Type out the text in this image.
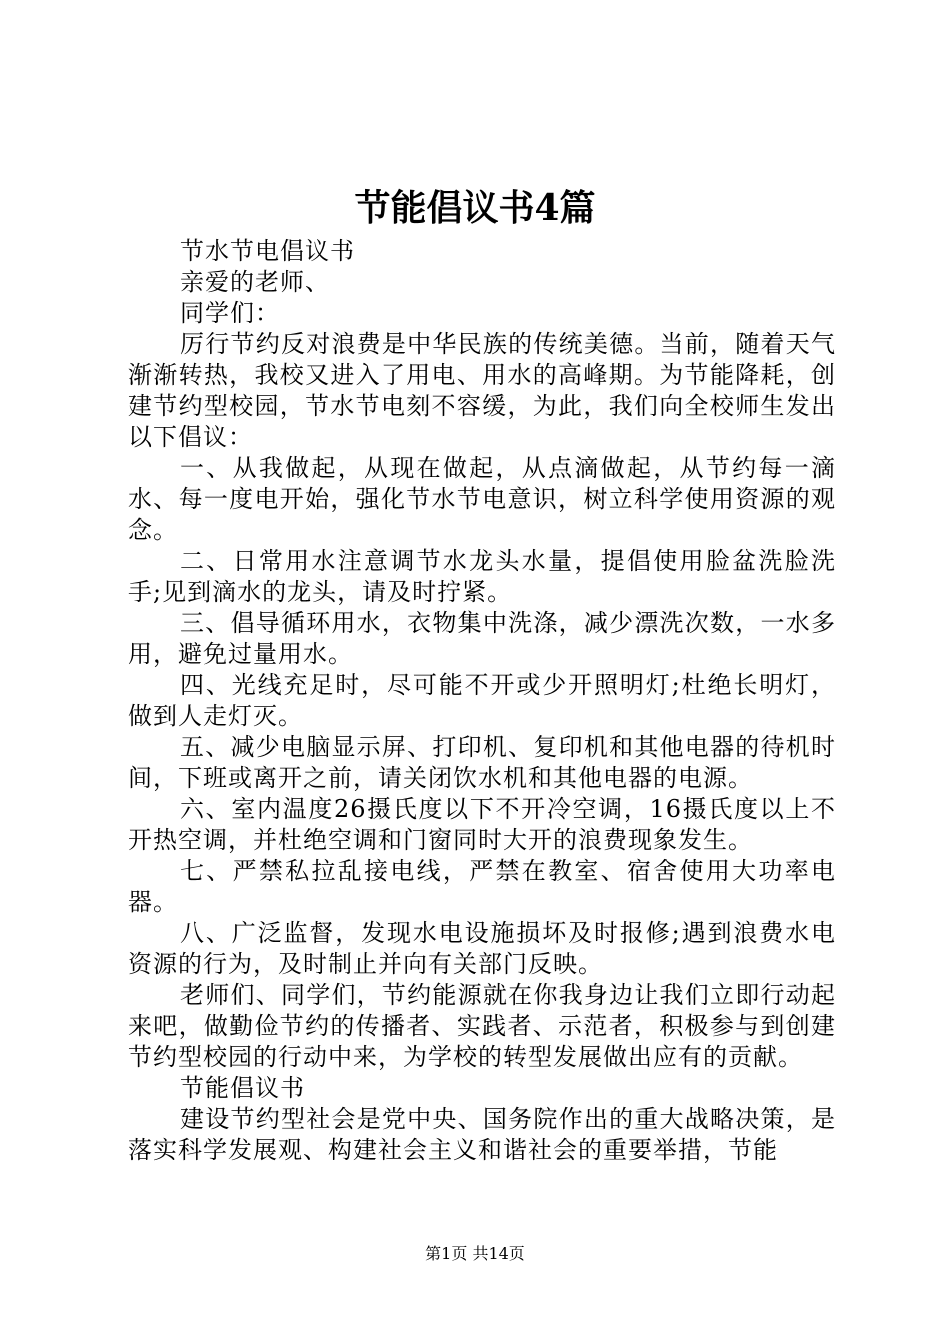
节能倡议书4篇

节水节电倡议书

亲爱的老师、

同学们：

厉行节约反对浪费是中华民族的传统美德。当前，随着天气渐渐转热，我校又进入了用电、用水的高峰期。为节能降耗，创建节约型校园，节水节电刻不容缓，为此，我们向全校师生发出以下倡议：

一、从我做起，从现在做起，从点滴做起，从节约每一滴水、每一度电开始，强化节水节电意识，树立科学使用资源的观念。

二、日常用水注意调节水龙头水量，提倡使用脸盆洗脸洗手;见到滴水的龙头，请及时拧紧。

三、倡导循环用水，衣物集中洗涤，减少漂洗次数，一水多用，避免过量用水。

四、光线充足时，尽可能不开或少开照明灯;杜绝长明灯，做到人走灯灭。

五、减少电脑显示屏、打印机、复印机和其他电器的待机时间，下班或离开之前，请关闭饮水机和其他电器的电源。

六、室内温度26摄氏度以下不开冷空调，16摄氏度以上不开热空调，并杜绝空调和门窗同时大开的浪费现象发生。

七、严禁私拉乱接电线，严禁在教室、宿舍使用大功率电器。

八、广泛监督，发现水电设施损坏及时报修;遇到浪费水电资源的行为，及时制止并向有关部门反映。

老师们、同学们，节约能源就在你我身边让我们立即行动起来吧，做勤俭节约的传播者、实践者、示范者，积极参与到创建节约型校园的行动中来，为学校的转型发展做出应有的贡献。

节能倡议书

建设节约型社会是党中央、国务院作出的重大战略决策，是落实科学发展观、构建社会主义和谐社会的重要举措，节能

第1页 共14页
